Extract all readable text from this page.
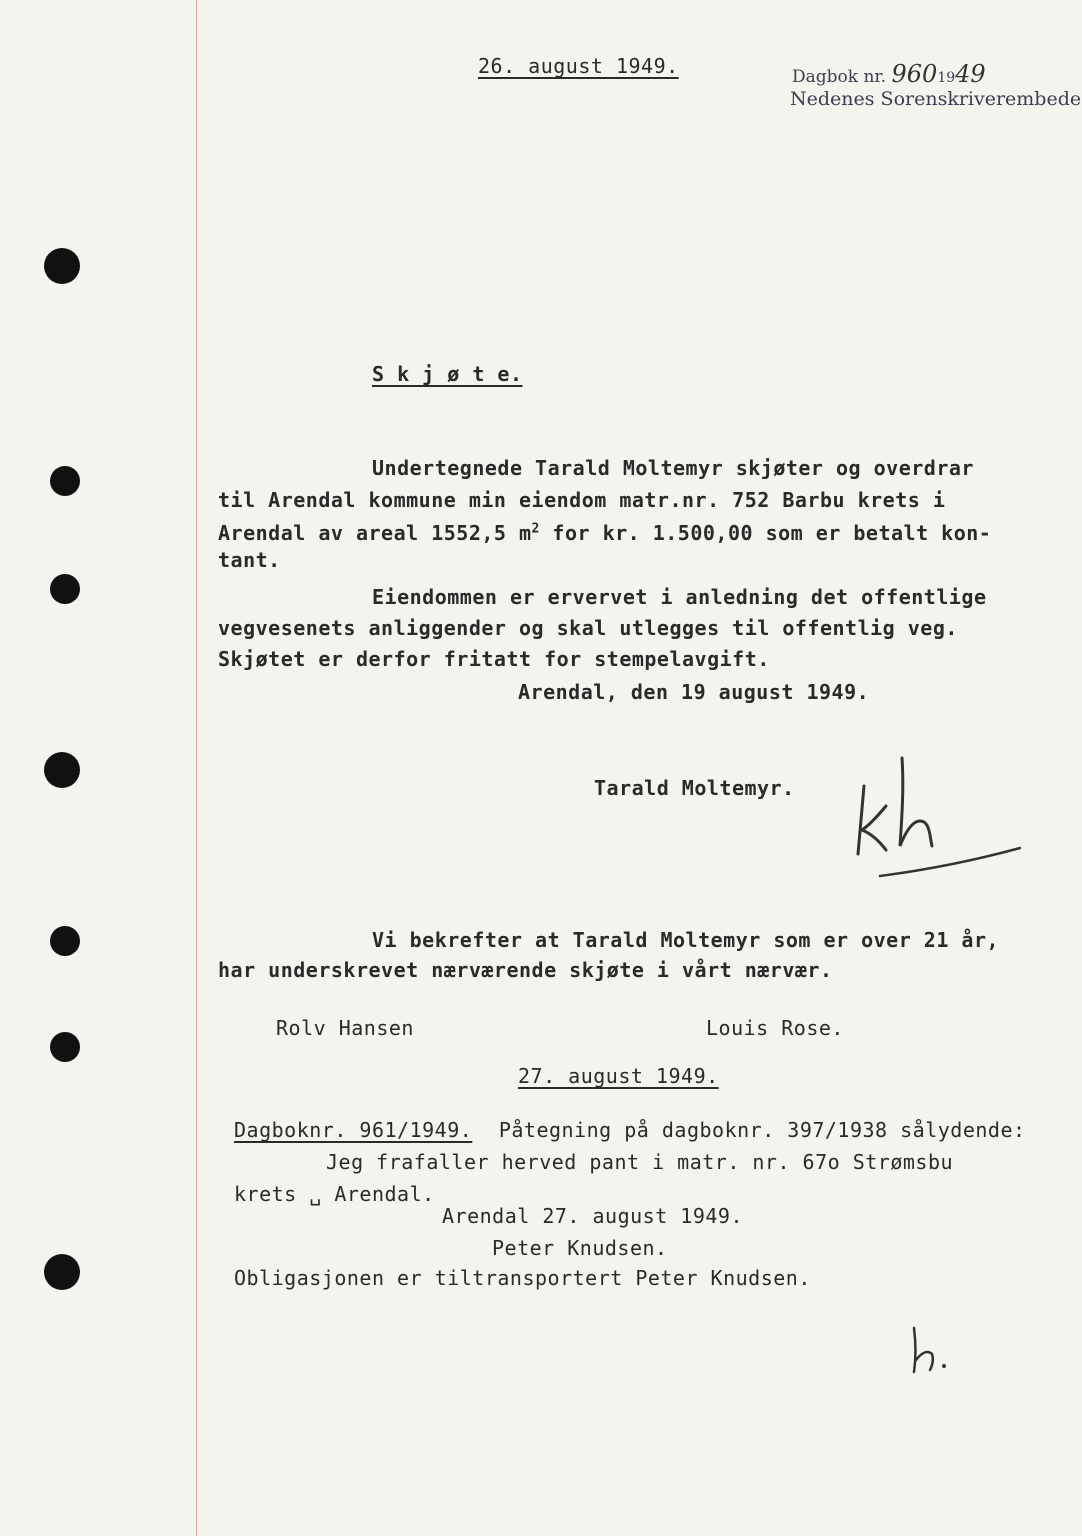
26. august 1949.	Dagbok nr. 9601949
Nedenes Sorenskriverembede
S k j ø t e.
Undertegnede Tarald Moltemyr skjøter og overdrar
til Arendal kommune min eiendom matr.nr. 752 Barbu krets i
Arendal av areal 1552,5 $m^2$ for kr. 1.500,00 som er betalt kon-
tant.
Eiendommen er ervervet i anledning det offentlige
vegvesenets anliggender og skal utlegges til offentlig veg.
Skjøtet er derfor fritatt for stempelavgift.
Arendal, den 19 august 1949.
Tarald Moltemyr.
Vi bekrefter at Tarald Moltemyr som er over 21 år,
har underskrevet nærværende skjøte i vårt nærvær.
Rolv Hansen	Louis Rose.
27. august 1949.
Dagboknr. 961/1949. Påtegning på dagboknr. 397/1938 sålydende:
Jeg frafaller herved pant i matr. nr. 67o Strømsbu
krets ␣ Arendal.
Arendal 27. august 1949.
Peter Knudsen.
Obligasjonen er tiltransportert Peter Knudsen.
